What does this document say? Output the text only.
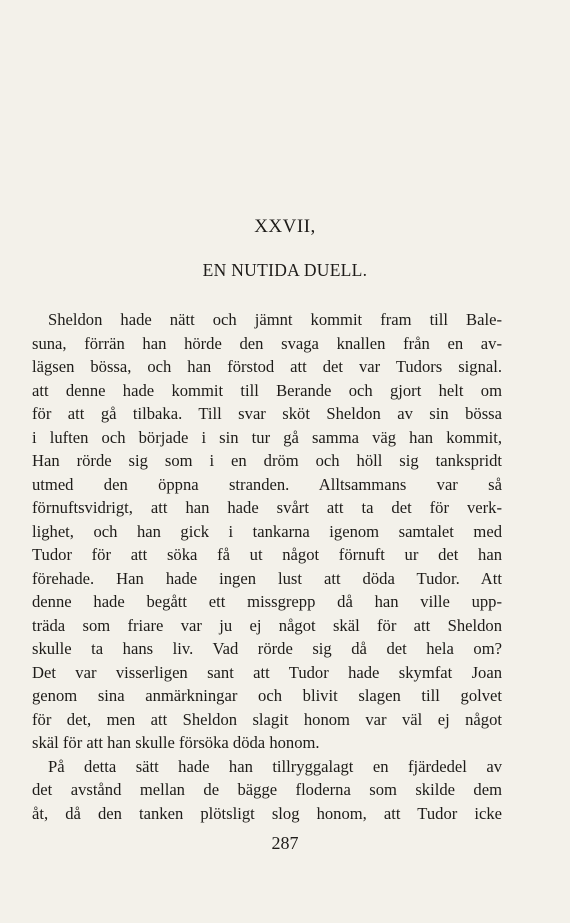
XXVII,
EN NUTIDA DUELL.
Sheldon hade nätt och jämnt kommit fram till Bale-
suna, förrän han hörde den svaga knallen från en av-
lägsen bössa, och han förstod att det var Tudors signal.
att denne hade kommit till Berande och gjort helt om
för att gå tilbaka. Till svar sköt Sheldon av sin bössa
i luften och började i sin tur gå samma väg han kommit,
Han rörde sig som i en dröm och höll sig tankspridt
utmed den öppna stranden. Alltsammans var så
förnuftsvidrigt, att han hade svårt att ta det för verk-
lighet, och han gick i tankarna igenom samtalet med
Tudor för att söka få ut något förnuft ur det han
förehade. Han hade ingen lust att döda Tudor. Att
denne hade begått ett missgrepp då han ville upp-
träda som friare var ju ej något skäl för att Sheldon
skulle ta hans liv. Vad rörde sig då det hela om?
Det var visserligen sant att Tudor hade skymfat Joan
genom sina anmärkningar och blivit slagen till golvet
för det, men att Sheldon slagit honom var väl ej något
skäl för att han skulle försöka döda honom.
På detta sätt hade han tillryggalagt en fjärdedel av
det avstånd mellan de bägge floderna som skilde dem
åt, då den tanken plötsligt slog honom, att Tudor icke
287
